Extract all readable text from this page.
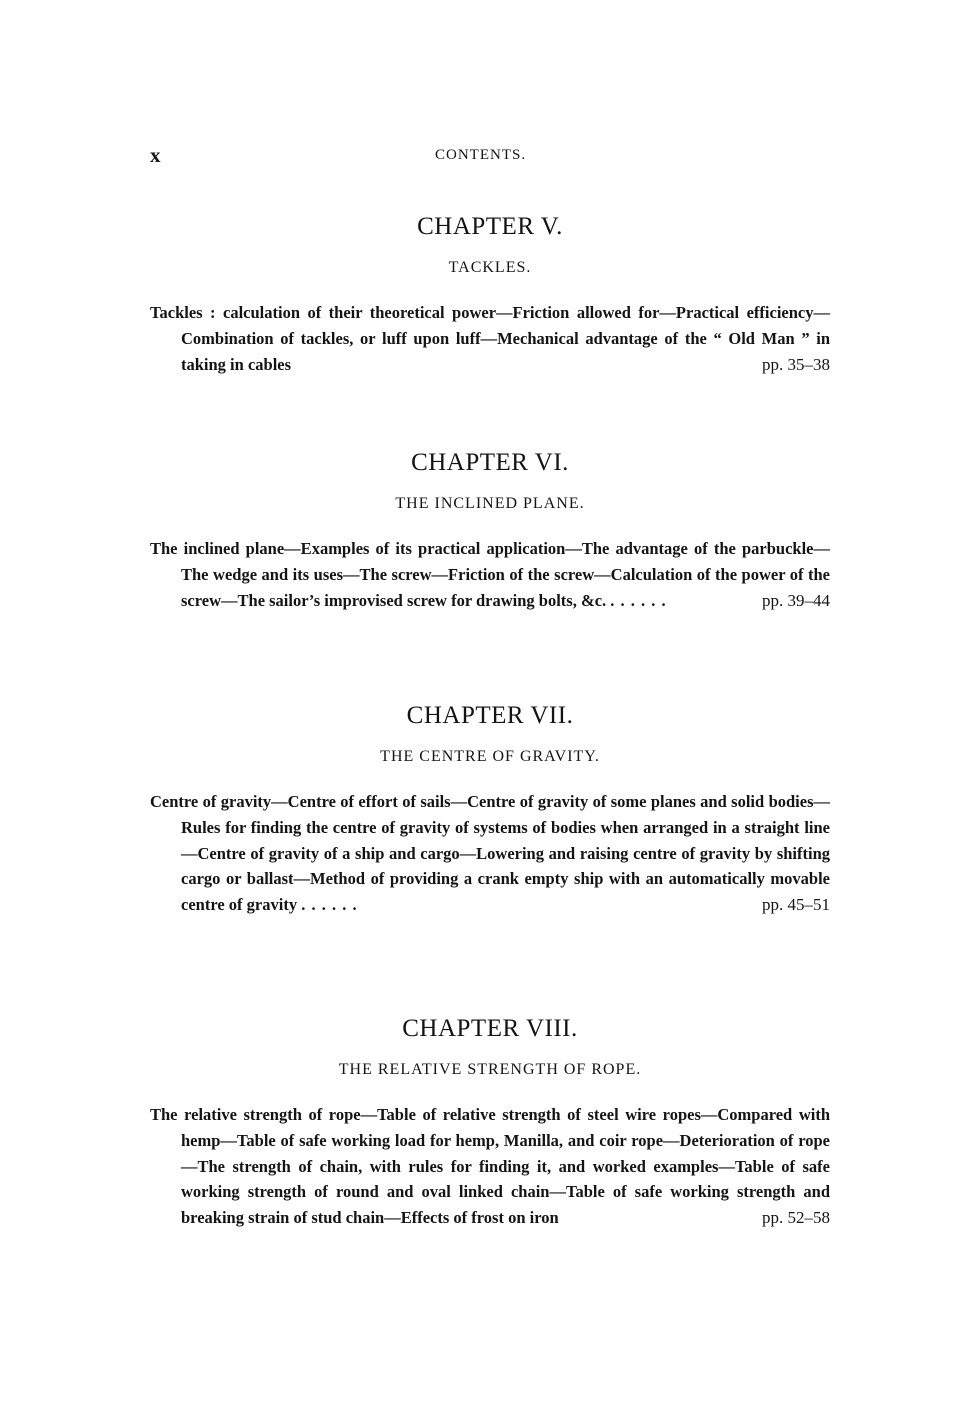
x	CONTENTS.
CHAPTER V.
TACKLES.

Tackles : calculation of their theoretical power—Friction allowed for—Practical efficiency—Combination of tackles, or luff upon luff—Mechanical advantage of the “ Old Man ” in taking in cables	pp. 35–38

CHAPTER VI.
THE INCLINED PLANE.

The inclined plane—Examples of its practical application—The advantage of the parbuckle—The wedge and its uses—The screw—Friction of the screw—Calculation of the power of the screw—The sailor’s improvised screw for drawing bolts, &c. . . . . . .	pp. 39–44

CHAPTER VII.
THE CENTRE OF GRAVITY.

Centre of gravity—Centre of effort of sails—Centre of gravity of some planes and solid bodies—Rules for finding the centre of gravity of systems of bodies when arranged in a straight line—Centre of gravity of a ship and cargo—Lowering and raising centre of gravity by shifting cargo or ballast—Method of providing a crank empty ship with an automatically movable centre of gravity . . . . . .	pp. 45–51

CHAPTER VIII.
THE RELATIVE STRENGTH OF ROPE.

The relative strength of rope—Table of relative strength of steel wire ropes—Compared with hemp—Table of safe working load for hemp, Manilla, and coir rope—Deterioration of rope—The strength of chain, with rules for finding it, and worked examples—Table of safe working strength of round and oval linked chain—Table of safe working strength and breaking strain of stud chain—Effects of frost on iron	pp. 52–58
